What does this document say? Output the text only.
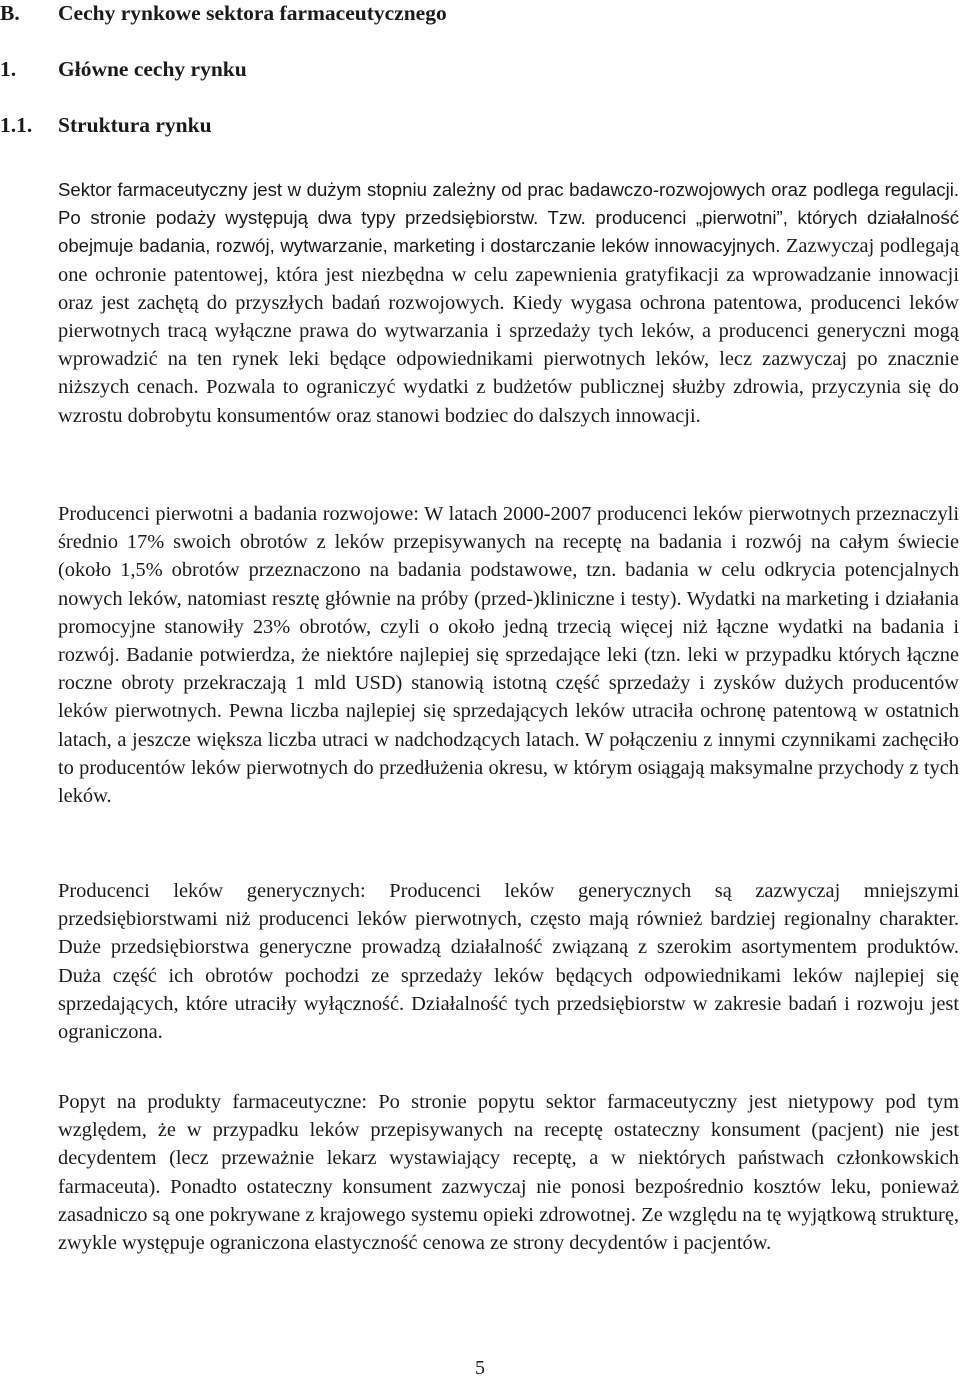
B. Cechy rynkowe sektora farmaceutycznego
1. Główne cechy rynku
1.1. Struktura rynku

Sektor farmaceutyczny jest w dużym stopniu zależny od prac badawczo-rozwojowych oraz podlega regulacji. Po stronie podaży występują dwa typy przedsiębiorstw. Tzw. producenci „pierwotni”, których działalność obejmuje badania, rozwój, wytwarzanie, marketing i dostarczanie leków innowacyjnych. Zazwyczaj podlegają one ochronie patentowej, która jest niezbędna w celu zapewnienia gratyfikacji za wprowadzanie innowacji oraz jest zachętą do przyszłych badań rozwojowych. Kiedy wygasa ochrona patentowa, producenci leków pierwotnych tracą wyłączne prawa do wytwarzania i sprzedaży tych leków, a producenci generyczni mogą wprowadzić na ten rynek leki będące odpowiednikami pierwotnych leków, lecz zazwyczaj po znacznie niższych cenach. Pozwala to ograniczyć wydatki z budżetów publicznej służby zdrowia, przyczynia się do wzrostu dobrobytu konsumentów oraz stanowi bodziec do dalszych innowacji.

Producenci pierwotni a badania rozwojowe: W latach 2000-2007 producenci leków pierwotnych przeznaczyli średnio 17% swoich obrotów z leków przepisywanych na receptę na badania i rozwój na całym świecie (około 1,5% obrotów przeznaczono na badania podstawowe, tzn. badania w celu odkrycia potencjalnych nowych leków, natomiast resztę głównie na próby (przed-)kliniczne i testy). Wydatki na marketing i działania promocyjne stanowiły 23% obrotów, czyli o około jedną trzecią więcej niż łączne wydatki na badania i rozwój. Badanie potwierdza, że niektóre najlepiej się sprzedające leki (tzn. leki w przypadku których łączne roczne obroty przekraczają 1 mld USD) stanowią istotną część sprzedaży i zysków dużych producentów leków pierwotnych. Pewna liczba najlepiej się sprzedających leków utraciła ochronę patentową w ostatnich latach, a jeszcze większa liczba utraci w nadchodzących latach. W połączeniu z innymi czynnikami zachęciło to producentów leków pierwotnych do przedłużenia okresu, w którym osiągają maksymalne przychody z tych leków.

Producenci leków generycznych: Producenci leków generycznych są zazwyczaj mniejszymi przedsiębiorstwami niż producenci leków pierwotnych, często mają również bardziej regionalny charakter. Duże przedsiębiorstwa generyczne prowadzą działalność związaną z szerokim asortymentem produktów. Duża część ich obrotów pochodzi ze sprzedaży leków będących odpowiednikami leków najlepiej się sprzedających, które utraciły wyłączność. Działalność tych przedsiębiorstw w zakresie badań i rozwoju jest ograniczona.

Popyt na produkty farmaceutyczne: Po stronie popytu sektor farmaceutyczny jest nietypowy pod tym względem, że w przypadku leków przepisywanych na receptę ostateczny konsument (pacjent) nie jest decydentem (lecz przeważnie lekarz wystawiający receptę, a w niektórych państwach członkowskich farmaceuta). Ponadto ostateczny konsument zazwyczaj nie ponosi bezpośrednio kosztów leku, ponieważ zasadniczo są one pokrywane z krajowego systemu opieki zdrowotnej. Ze względu na tę wyjątkową strukturę, zwykle występuje ograniczona elastyczność cenowa ze strony decydentów i pacjentów.

5
